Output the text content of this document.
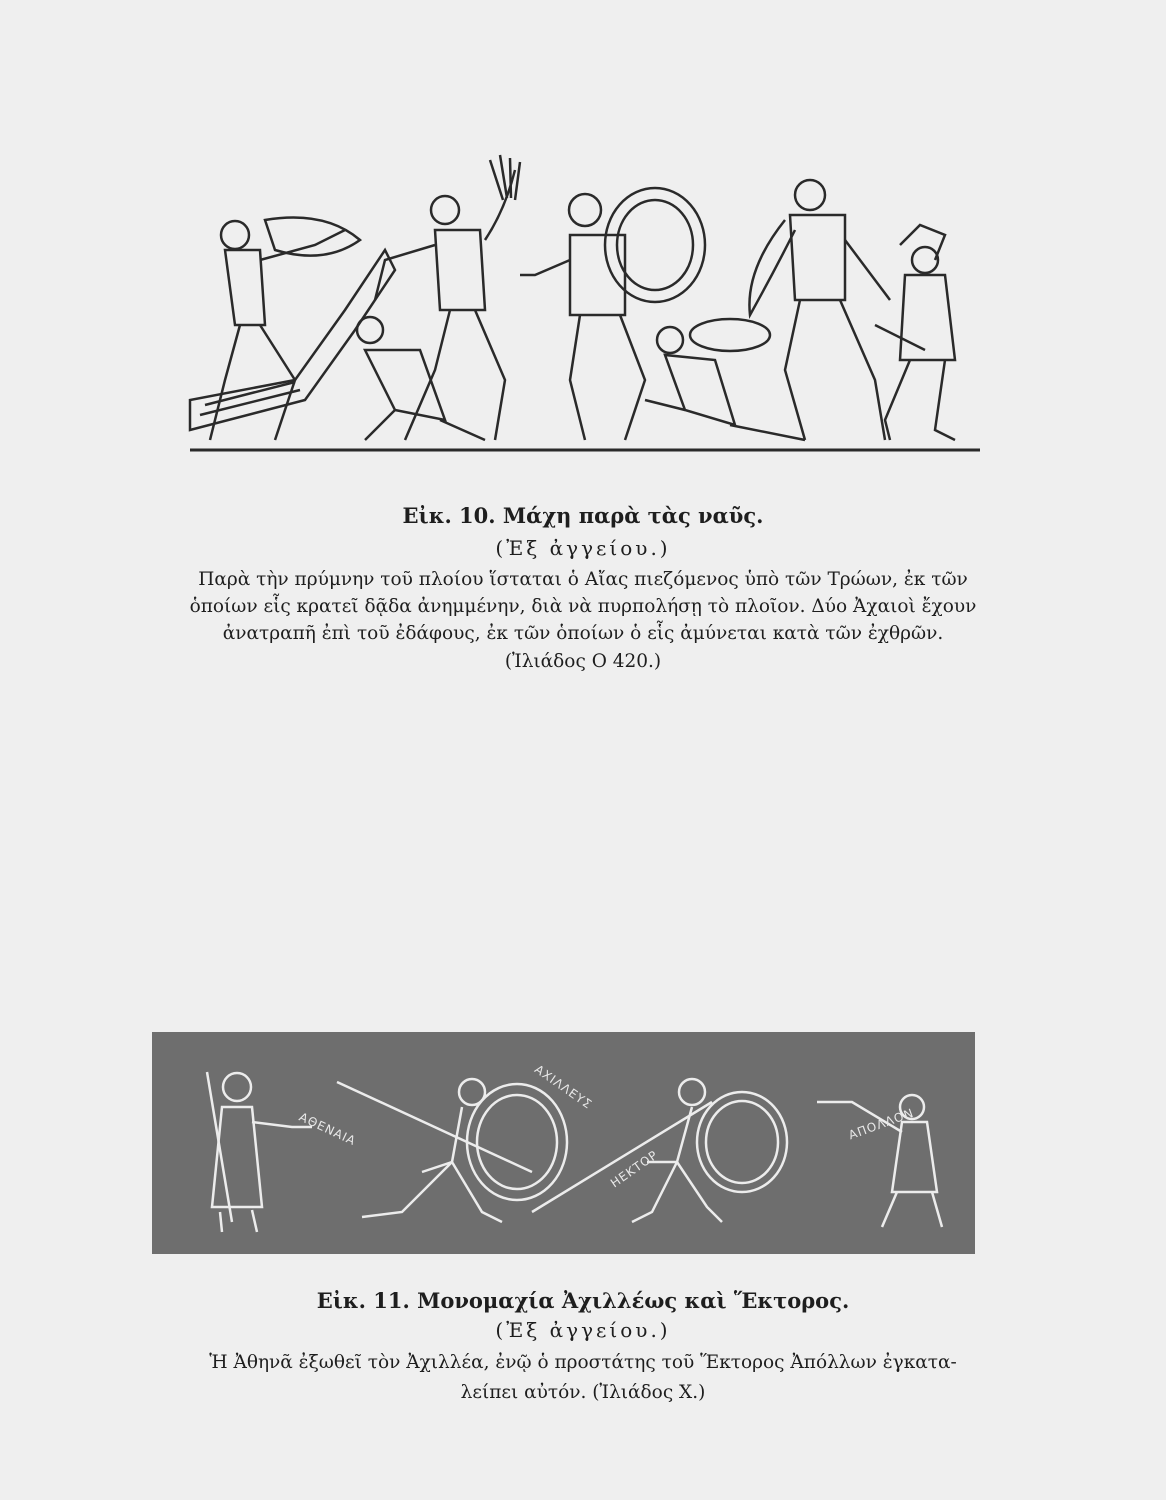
Εἰκ. 10. Μάχη παρὰ τὰς ναῦς.
(Ἐξ ἀγγείου.)
Παρὰ τὴν πρύμνην τοῦ πλοίου ἵσταται ὁ Αἴας πιεζόμενος ὑπὸ τῶν Τρώων, ἐκ τῶν
ὁποίων εἷς κρατεῖ δᾷδα ἀνημμένην, διὰ νὰ πυρπολήσῃ τὸ πλοῖον. Δύο Ἀχαιοὶ ἔχουν
ἀνατραπῆ ἐπὶ τοῦ ἐδάφους, ἐκ τῶν ὁποίων ὁ εἷς ἀμύνεται κατὰ τῶν ἐχθρῶν.
(Ἰλιάδος Ο 420.)
ΑΘΕΝΑΙΑ
ΑΧΙΛΛΕΥΣ
ΗΕΚΤΟΡ
ΑΠΟΛΛΟΝ
Εἰκ. 11. Μονομαχία Ἀχιλλέως καὶ Ἕκτορος.
(Ἐξ ἀγγείου.)
Ἡ Ἀθηνᾶ ἐξωθεῖ τὸν Ἀχιλλέα, ἐνῷ ὁ προστάτης τοῦ Ἕκτορος Ἀπόλλων ἐγκατα-
λείπει αὐτόν. (Ἰλιάδος Χ.)
